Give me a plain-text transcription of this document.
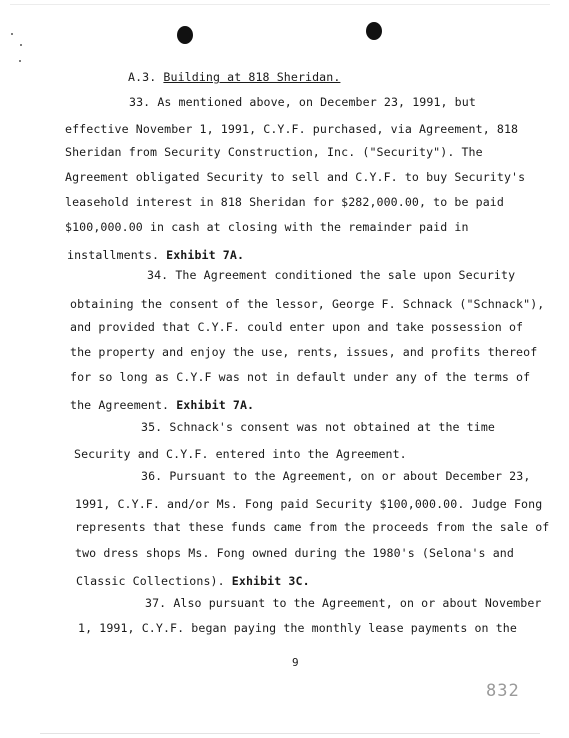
A.3. Building at 818 Sheridan.
33. As mentioned above, on December 23, 1991, but
effective November 1, 1991, C.Y.F. purchased, via Agreement, 818
Sheridan from Security Construction, Inc. ("Security"). The
Agreement obligated Security to sell and C.Y.F. to buy Security's
leasehold interest in 818 Sheridan for $282,000.00, to be paid
$100,000.00 in cash at closing with the remainder paid in
installments. Exhibit 7A.
34. The Agreement conditioned the sale upon Security
obtaining the consent of the lessor, George F. Schnack ("Schnack"),
and provided that C.Y.F. could enter upon and take possession of
the property and enjoy the use, rents, issues, and profits thereof
for so long as C.Y.F was not in default under any of the terms of
the Agreement. Exhibit 7A.
35. Schnack's consent was not obtained at the time
Security and C.Y.F. entered into the Agreement.
36. Pursuant to the Agreement, on or about December 23,
1991, C.Y.F. and/or Ms. Fong paid Security $100,000.00. Judge Fong
represents that these funds came from the proceeds from the sale of
two dress shops Ms. Fong owned during the 1980's (Selona's and
Classic Collections). Exhibit 3C.
37. Also pursuant to the Agreement, on or about November
1, 1991, C.Y.F. began paying the monthly lease payments on the
9
832
